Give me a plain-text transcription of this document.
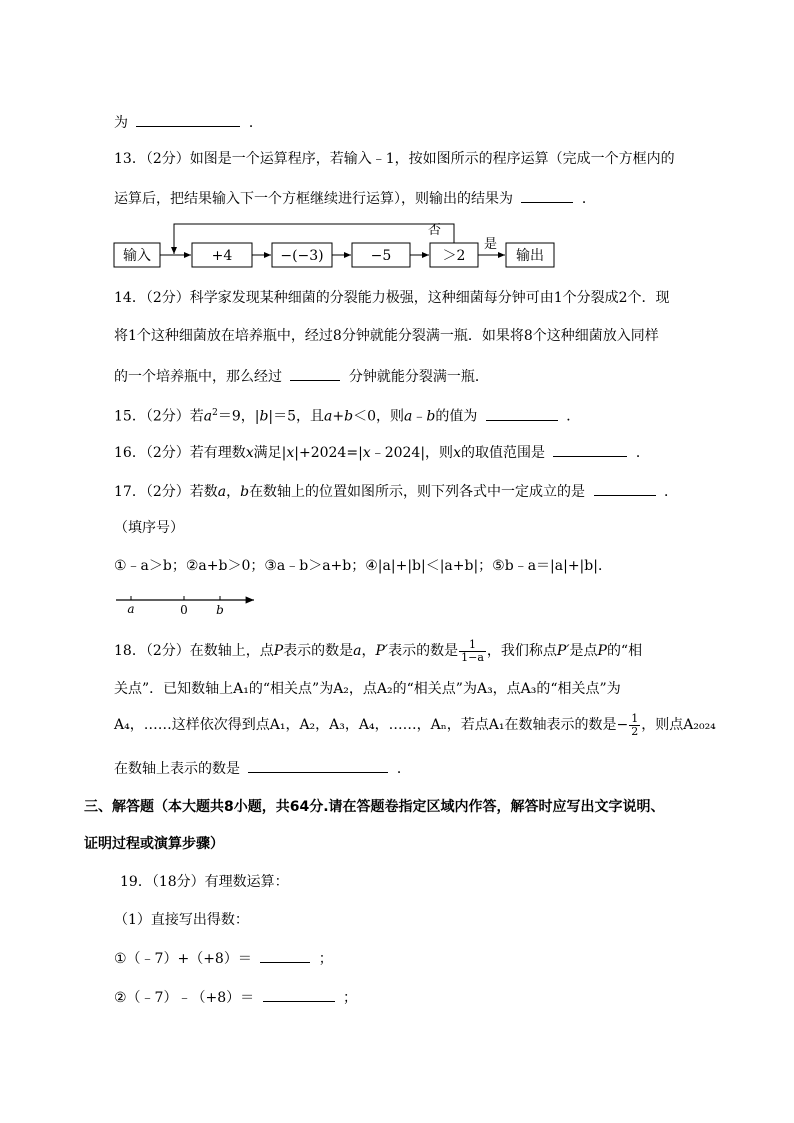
为	．
13．（2分）如图是一个运算程序，若输入﹣1，按如图所示的程序运算（完成一个方框内的
运算后，把结果输入下一个方框继续进行运算），则输出的结果为	．
输入	+4	−(−3)	−5	＞2	输出
否
是
14．（2分）科学家发现某种细菌的分裂能力极强，这种细菌每分钟可由1个分裂成2个．现
将1个这种细菌放在培养瓶中，经过8分钟就能分裂满一瓶．如果将8个这种细菌放入同样
的一个培养瓶中，那么经过	分钟就能分裂满一瓶．
15．（2分）若$a^2=9$，|b|＝5，且a+b＜0，则a﹣b的值为	．
16．（2分）若有理数x满足|x|+2024=|x﹣2024|，则x的取值范围是	．
17．（2分）若数a，b在数轴上的位置如图所示，则下列各式中一定成立的是	．
（填序号）
①﹣a＞b；②a+b＞0；③a﹣b＞a+b；④|a|+|b|＜|a+b|；⑤b﹣a＝|a|+|b|．
a	0 b
18．（2分）在数轴上，点P表示的数是a，P′表示的数是 $\frac{1}{1-a}$ ，我们称点P′是点P的“相
关点”．已知数轴上A₁的“相关点”为A₂，点A₂的“相关点”为A₃，点A₃的“相关点”为
A₄，……这样依次得到点A₁，A₂，A₃，A₄，……，Aₙ，若点A₁在数轴表示的数是− $\frac{1}{2}$ ，则点A₂₀₂₄
在数轴上表示的数是	．
三、解答题（本大题共8小题，共64分.请在答题卷指定区域内作答，解答时应写出文字说明、
证明过程或演算步骤）
19．（18分）有理数运算：
（1）直接写出得数：
①（﹣7）+（+8）＝	；
②（﹣7）﹣（+8）＝	；
